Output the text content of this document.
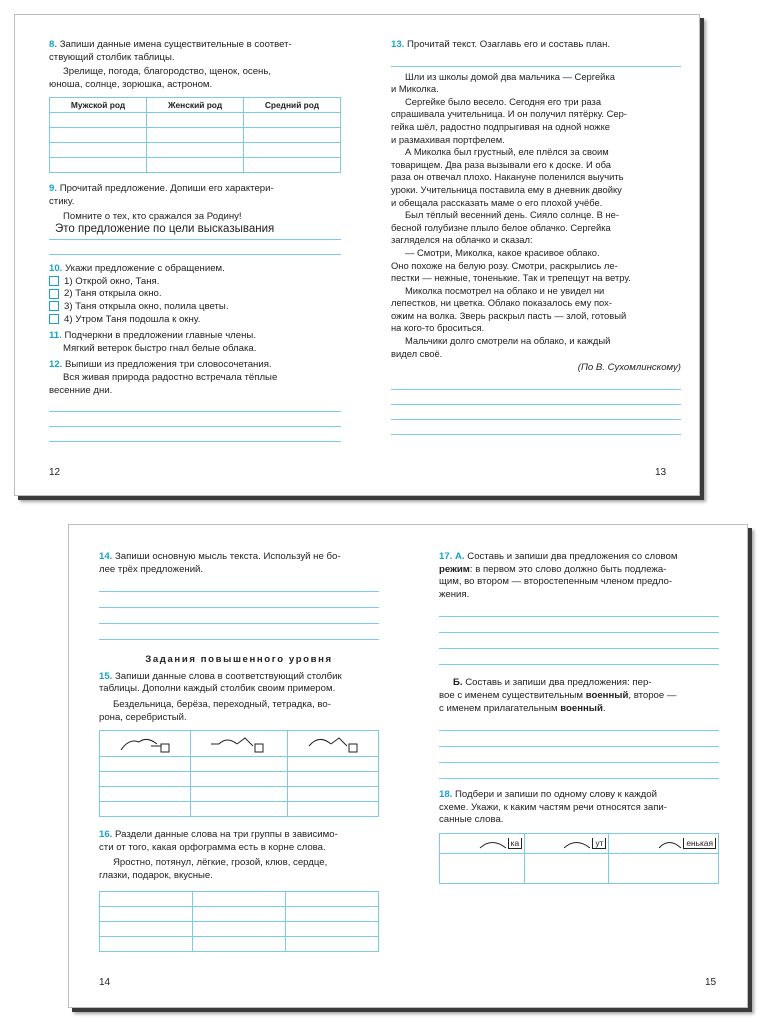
8. Запиши данные имена существительные в соответ-
ствующий столбик таблицы.

Зрелище, погода, благородство, щенок, осень,
юноша, солнце, зорюшка, астроном.

Мужской род	Женский род	Средний род

9. Прочитай предложение. Допиши его характери-
стику.

Помните о тех, кто сражался за Родину!

Это предложение по цели высказывания

10. Укажи предложение с обращением.

1) Открой окно, Таня.
2) Таня открыла окно.
3) Таня открыла окно, полила цветы.
4) Утром Таня подошла к окну.

11. Подчеркни в предложении главные члены.

Мягкий ветерок быстро гнал белые облака.

12. Выпиши из предложения три словосочетания.

Вся живая природа радостно встречала тёплые
весенние дни.

12

13. Прочитай текст. Озаглавь его и составь план.

Шли из школы домой два мальчика — Сергейка
и Миколка.
Сергейке было весело. Сегодня его три раза
спрашивала учительница. И он получил пятёрку. Сер-
гейка шёл, радостно подпрыгивая на одной ножке
и размахивая портфелем.
А Миколка был грустный, еле плёлся за своим
товарищем. Два раза вызывали его к доске. И оба
раза он отвечал плохо. Накануне поленился выучить
уроки. Учительница поставила ему в дневник двойку
и обещала рассказать маме о его плохой учёбе.
Был тёплый весенний день. Сияло солнце. В не-
бесной голубизне плыло белое облачко. Сергейка
загляделся на облачко и сказал:
— Смотри, Миколка, какое красивое облако.
Оно похоже на белую розу. Смотри, раскрылись ле-
пестки — нежные, тоненькие. Так и трепещут на ветру.
Миколка посмотрел на облако и не увидел ни
лепестков, ни цветка. Облако показалось ему пох-
ожим на волка. Зверь раскрыл пасть — злой, готовый
на кого-то броситься.
Мальчики долго смотрели на облако, и каждый
видел своё.

(По В. Сухомлинскому)

13

14. Запиши основную мысль текста. Используй не бо-
лее трёх предложений.

Задания повышенного уровня

15. Запиши данные слова в соответствующий столбик
таблицы. Дополни каждый столбик своим примером.

Бездельница, берёза, переходный, тетрадка, во-
рона, серебристый.

16. Раздели данные слова на три группы в зависимо-
сти от того, какая орфограмма есть в корне слова.

Яростно, потянул, лёгкие, грозой, клюв, сердце,
глазки, подарок, вкусные.

14

17. А. Составь и запиши два предложения со словом
режим: в первом это слово должно быть подлежа-
щим, во втором — второстепенным членом предло-
жения.

Б. Составь и запиши два предложения: пер-
вое с именем существительным военный, второе —
с именем прилагательным военный.

18. Подбери и запиши по одному слову к каждой
схеме. Укажи, к каким частям речи относятся запи-
санные слова.

ка	ут	енькая

15
